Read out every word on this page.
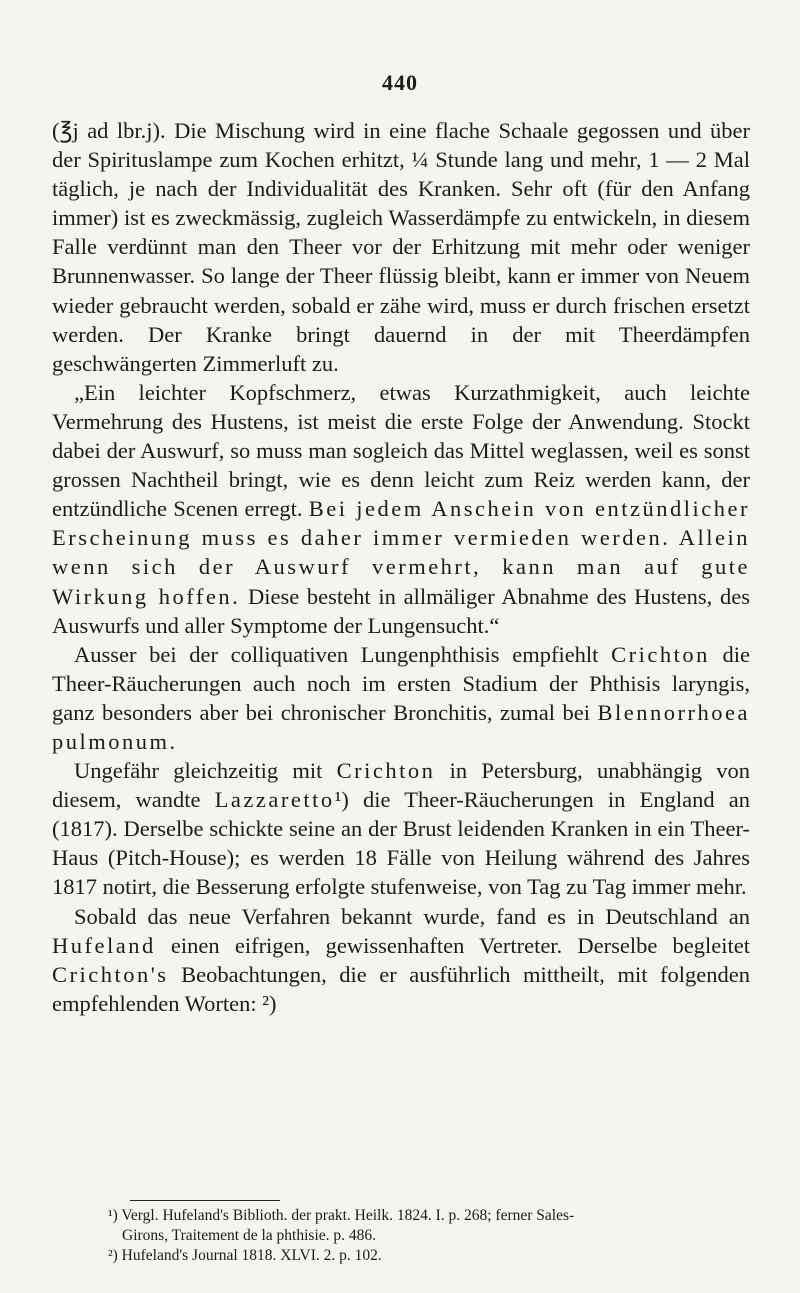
440

(℥j ad lbr.j). Die Mischung wird in eine flache Schaale gegossen und über der Spirituslampe zum Kochen erhitzt, ¼ Stunde lang und mehr, 1 — 2 Mal täglich, je nach der Individualität des Kranken. Sehr oft (für den Anfang immer) ist es zweckmässig, zugleich Wasserdämpfe zu entwickeln, in diesem Falle verdünnt man den Theer vor der Erhitzung mit mehr oder weniger Brunnenwasser. So lange der Theer flüssig bleibt, kann er immer von Neuem wieder gebraucht werden, sobald er zähe wird, muss er durch frischen ersetzt werden. Der Kranke bringt dauernd in der mit Theerdämpfen geschwängerten Zimmerluft zu.

„Ein leichter Kopfschmerz, etwas Kurzathmigkeit, auch leichte Vermehrung des Hustens, ist meist die erste Folge der Anwendung. Stockt dabei der Auswurf, so muss man sogleich das Mittel weglassen, weil es sonst grossen Nachtheil bringt, wie es denn leicht zum Reiz werden kann, der entzündliche Scenen erregt. Bei jedem Anschein von entzündlicher Erscheinung muss es daher immer vermieden werden. Allein wenn sich der Auswurf vermehrt, kann man auf gute Wirkung hoffen. Diese besteht in allmäliger Abnahme des Hustens, des Auswurfs und aller Symptome der Lungensucht.“

Ausser bei der colliquativen Lungenphthisis empfiehlt Crichton die Theer-Räucherungen auch noch im ersten Stadium der Phthisis laryngis, ganz besonders aber bei chronischer Bronchitis, zumal bei Blennorrhoea pulmonum.

Ungefähr gleichzeitig mit Crichton in Petersburg, unabhängig von diesem, wandte Lazzaretto¹) die Theer-Räucherungen in England an (1817). Derselbe schickte seine an der Brust leidenden Kranken in ein Theer-Haus (Pitch-House); es werden 18 Fälle von Heilung während des Jahres 1817 notirt, die Besserung erfolgte stufenweise, von Tag zu Tag immer mehr.

Sobald das neue Verfahren bekannt wurde, fand es in Deutschland an Hufeland einen eifrigen, gewissenhaften Vertreter. Derselbe begleitet Crichton's Beobachtungen, die er ausführlich mittheilt, mit folgenden empfehlenden Worten: ²)

¹) Vergl. Hufeland's Biblioth. der prakt. Heilk. 1824. I. p. 268; ferner Sales-

Girons, Traitement de la phthisie. p. 486.

²) Hufeland's Journal 1818. XLVI. 2. p. 102.
